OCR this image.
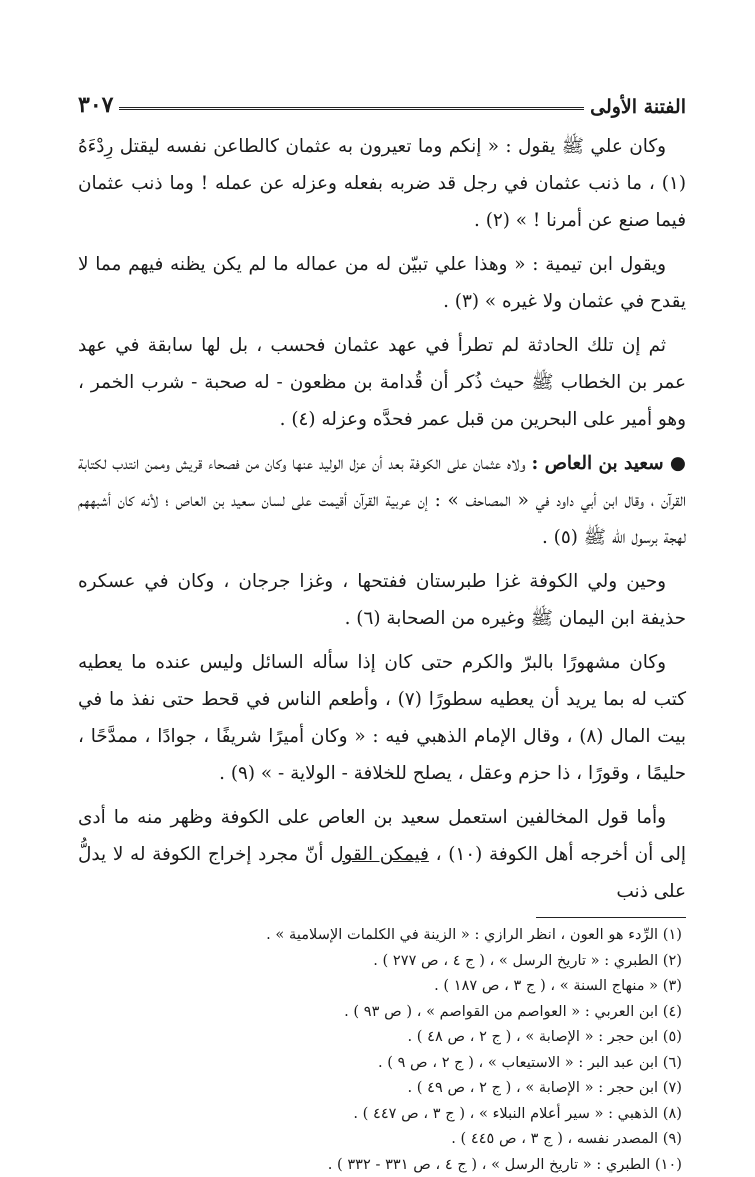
الفتنة الأولى
٣٠٧

وكان علي ﷺ يقول : « إنكم وما تعيرون به عثمان كالطاعن نفسه ليقتل رِدْءَهُ (١) ، ما ذنب عثمان في رجل قد ضربه بفعله وعزله عن عمله ! وما ذنب عثمان فيما صنع عن أمرنا ! » (٢) .

ويقول ابن تيمية : « وهذا علي تبيّن له من عماله ما لم يكن يظنه فيهم مما لا يقدح في عثمان ولا غيره » (٣) .

ثم إن تلك الحادثة لم تطرأ في عهد عثمان فحسب ، بل لها سابقة في عهد عمر بن الخطاب ﷺ حيث ذُكر أن قُدامة بن مظعون - له صحبة - شرب الخمر ، وهو أمير على البحرين من قبل عمر فحدَّه وعزله (٤) .

● سعيد بن العاص : ولاه عثمان على الكوفة بعد أن عزل الوليد عنها وكان من فصحاء قريش وممن انتدب لكتابة القرآن ، وقال ابن أبي داود في « المصاحف » : إن عربية القرآن أقيمت على لسان سعيد بن العاص ؛ لأنه كان أشبههم لهجة برسول الله ﷺ (٥) .

وحين ولي الكوفة غزا طبرستان ففتحها ، وغزا جرجان ، وكان في عسكره حذيفة ابن اليمان ﷺ وغيره من الصحابة (٦) .

وكان مشهورًا بالبرّ والكرم حتى كان إذا سأله السائل وليس عنده ما يعطيه كتب له بما يريد أن يعطيه سطورًا (٧) ، وأطعم الناس في قحط حتى نفذ ما في بيت المال (٨) ، وقال الإمام الذهبي فيه : « وكان أميرًا شريفًا ، جوادًا ، ممدَّحًا ، حليمًا ، وقورًا ، ذا حزم وعقل ، يصلح للخلافة - الولاية - » (٩) .

وأما قول المخالفين استعمل سعيد بن العاص على الكوفة وظهر منه ما أدى إلى أن أخرجه أهل الكوفة (١٠) ، فيمكن القول أنّ مجرد إخراج الكوفة له لا يدلُّ على ذنب

(١) الرِّدء هو العون ، انظر الرازي : « الزينة في الكلمات الإسلامية » .
(٢) الطبري : « تاريخ الرسل » ، ( ج ٤ ، ص ٢٧٧ ) .
(٣) « منهاج السنة » ، ( ج ٣ ، ص ١٨٧ ) .
(٤) ابن العربي : « العواصم من القواصم » ، ( ص ٩٣ ) .
(٥) ابن حجر : « الإصابة » ، ( ج ٢ ، ص ٤٨ ) .
(٦) ابن عبد البر : « الاستيعاب » ، ( ج ٢ ، ص ٩ ) .
(٧) ابن حجر : « الإصابة » ، ( ج ٢ ، ص ٤٩ ) .
(٨) الذهبي : « سير أعلام النبلاء » ، ( ج ٣ ، ص ٤٤٧ ) .
(٩) المصدر نفسه ، ( ج ٣ ، ص ٤٤٥ ) .
(١٠) الطبري : « تاريخ الرسل » ، ( ج ٤ ، ص ٣٣١ - ٣٣٢ ) .
